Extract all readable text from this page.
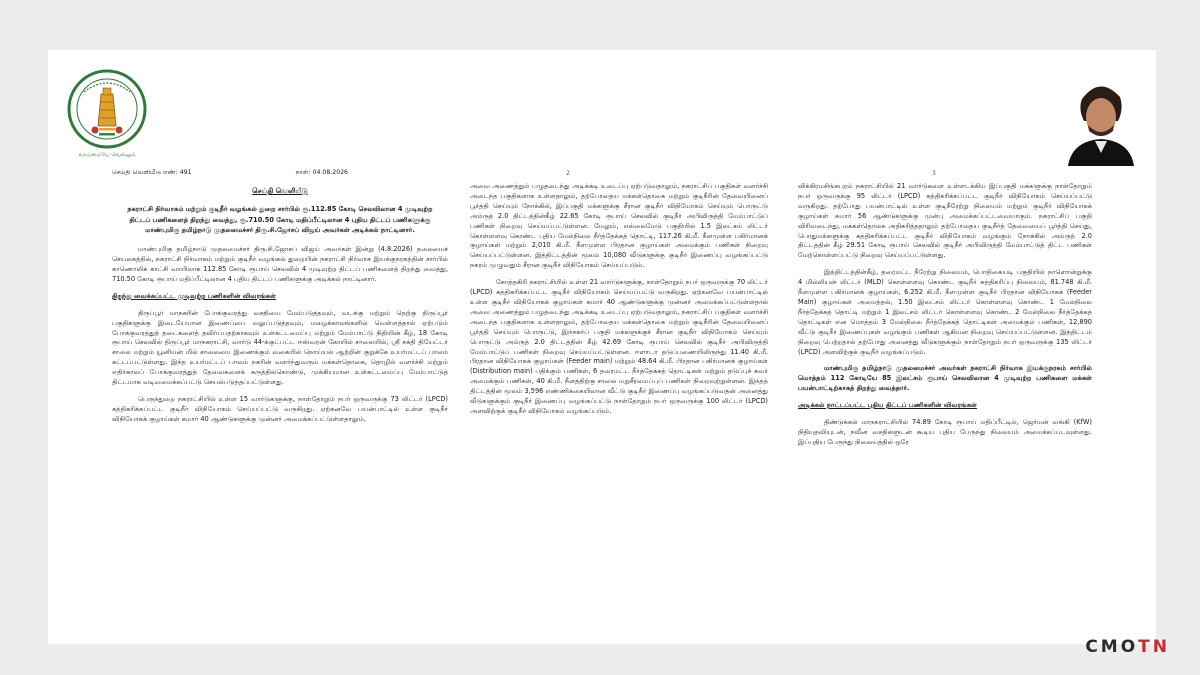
வாய்மையே வெல்லும்
2	3
செய்தி வெளியீடு எண்: 491	நாள்: 04.08.2026
செய்தி வெளியீடு
நகராட்சி நிர்வாகம் மற்றும் குடிநீர் வழங்கல் துறை சார்பில் ரூ.112.85 கோடி செலவிலான 4 முடிவுற்ற திட்டப் பணிகளைத் திறந்து வைத்து, ரூ.710.50 கோடி மதிப்பீட்டிலான 4 புதிய திட்டப் பணிகளுக்கு மாண்புமிகு தமிழ்நாடு முதலமைச்சர் திரு.சி.ஜோசப் விஜய் அவர்கள் அடிக்கல் நாட்டினார்.

மாண்புமிகு தமிழ்நாடு முதலமைச்சர் திரு.சி.ஜோசப் விஜய் அவர்கள் இன்று (4.8.2026) தலைமைச் செயலகத்தில், நகராட்சி நிர்வாகம் மற்றும் குடிநீர் வழங்கல் துறையின் நகராட்சி நிர்வாக இயக்குநரகத்தின் சார்பில் காணொலிக் காட்சி வாயிலாக 112.85 கோடி ரூபாய் செலவில் 4 முடிவுற்ற திட்டப் பணிகளைத் திறந்து வைத்து, 710.50 கோடி ரூபாய் மதிப்பீட்டிலான 4 புதிய திட்டப் பணிகளுக்கு அடிக்கல் நாட்டினார்.

திறந்து வைக்கப்பட்ட முடிவுற்ற பணிகளின் விவரங்கள்

திருப்பூர் மாநகரின் போக்குவரத்து வசதியை மேம்படுத்தவும், வடக்கு மற்றும் தெற்கு திருப்பூர் பகுதிகளுக்கு இடையேயான இணைப்பை வலுப்படுத்தவும், மழைக்காலங்களில் வெள்ளத்தால் ஏற்படும் போக்குவரத்துத் தடைகளைத் தவிர்ப்பதற்காகவும் உள்கட்டமைப்பு மற்றும் மேம்பாட்டு நிதியின் கீழ், 18 கோடி ரூபாய் செலவில் திருப்பூர் மாநகராட்சி, வார்டு 44-க்குட்பட்ட ஈஸ்வரன் கோயில் சாலையில், ஸ்ரீ சக்தி தியேட்டர் சாலை மற்றும் யூனியன் மில் சாலையை இணைக்கும் வகையில் நொய்யல் ஆற்றின் குறுக்கே உயர்மட்டப் பாலம் கட்டப்பட்டுள்ளது. இந்த உயர்மட்டப் பாலம் நகரின் வளர்ந்துவரும் மக்கள்தொகை, தொழில் வளர்ச்சி மற்றும் எதிர்காலப் போக்குவரத்துத் தேவைகளைக் கருத்தில்கொண்டு, முக்கியமான உள்கட்டமைப்பு மேம்பாட்டுத் திட்டமாக வடிவமைக்கப்பட்டு செயல்படுத்தப்பட்டுள்ளது.

பெருந்துறை நகராட்சியில் உள்ள 15 வார்டுகளுக்கு, நாள்தோறும் நபர் ஒருவருக்கு 73 லிட்டர் (LPCD) சுத்திகரிக்கப்பட்ட குடிநீர் விநியோகம் செய்யப்பட்டு வருகிறது. ஏற்கனவே பயன்பாட்டில் உள்ள குடிநீர் விநியோகக் குழாய்கள் சுமார் 40 ஆண்டுகளுக்கு முன்னர் அமைக்கப்பட்டுள்ளதாலும்,

அவை அணைத்தும் பழுதடைந்து அடிக்கடி உடைப்பு ஏற்படுவதாலும், நகராட்சிப் பகுதிகள் வளர்ச்சி அடைந்த பகுதிகளாக உள்ளதாலும், தற்போதைய மக்கள்தொகை மற்றும் குடிநீரின் தேவையினைப் பூர்த்தி செய்யும் நோக்கில், இப்பகுதி மக்களுக்கு சீரான குடிநீர் விநியோகம் செய்யும் பொருட்டு அம்ருத் 2.0 திட்டத்தின்கீழ் 22.65 கோடி ரூபாய் செலவில் குடிநீர் அபிவிருத்தி மேம்பாட்டுப் பணிகள் நிறைவு செய்யப்பட்டுள்ளன. மேலும், எல்லைமேடு பகுதியில் 1.5 இலட்சம் லிட்டர் கொள்ளளவு கொண்ட புதிய மேல்நிலை நீர்த்தேக்கத் தொட்டி, 117.26 கி.மீ. நீளமுள்ள பகிர்மானக் குழாய்கள் மற்றும் 2,010 கி.மீ. நீளமுள்ள பிரதான குழாய்கள் அமைக்கும் பணிகள் நிறைவு செய்யப்பட்டுள்ளன. இத்திட்டத்தின் மூலம் 10,080 வீடுகளுக்கு குடிநீர் இணைப்பு வழங்கப்பட்டு நகரம் முழுவதும் சீரான குடிநீர் விநியோகம் செய்யப்படும்.

கோத்தகிரி நகராட்சியில் உள்ள 21 வார்டுகளுக்கு, நாள்தோறும் நபர் ஒருவருக்கு 70 லிட்டர் (LPCD) சுத்திகரிக்கப்பட்ட குடிநீர் விநியோகம் செய்யப்பட்டு வருகிறது. ஏற்கனவே பயன்பாட்டில் உள்ள குடிநீர் விநியோகக் குழாய்கள் சுமார் 40 ஆண்டுகளுக்கு முன்னர் அமைக்கப்பட்டுள்ளதால் அவை அணைத்தும் பழுதடைந்து அடிக்கடி உடைப்பு ஏற்படுவதாலும், நகராட்சிப் பகுதிகள் வளர்ச்சி அடைந்த பகுதிகளாக உள்ளதாலும், தற்போதைய மக்கள்தொகை மற்றும் குடிநீரின் தேவையினைப் பூர்த்தி செய்யும் பொருட்டு, இந்நகர்ப் பகுதி மக்களுக்குச் சீரான குடிநீர் விநியோகம் செய்யும் பொருட்டு அம்ருத் 2.0 திட்டத்தின் கீழ் 42.69 கோடி ரூபாய் செலவில் குடிநீர் அபிவிருத்தி மேம்பாட்டுப் பணிகள் நிறைவு செய்யப்பட்டுள்ளன. ஈளாடா தடுப்பணையிலிருந்து 11.40 கி.மீ. பிரதான விநியோகக் குழாய்கள் (Feeder main) மற்றும் 48.64 கி.மீ. பிரதான பகிர்மானக் குழாய்கள் (Distribution main) பதிக்கும் பணிகள், 6 தரைமட்ட நீர்த்தேக்கத் தொட்டிகள் மற்றும் தடுப்புச் சுவர் அமைக்கும் பணிகள், 40 கி.மீ. நீளத்திற்கு சாலை மறுசீரமைப்புப் பணிகள் நிறைவுற்றுள்ளன. இந்தத் திட்டத்தின் மூலம் 3,596 எண்ணிக்கையிலான வீட்டு குடிநீர் இணைப்பு வழங்கப்படுவதன் அனைத்து வீடுகளுக்கும் குடிநீர் இணைப்பு வழங்கப்பட்டு நாள்தோறும் நபர் ஒருவருக்கு 100 லிட்டர் (LPCD) அளவிற்குக் குடிநீர் விநியோகம் வழங்கப்படும்.

விக்கிரமசிங்கபுரம் நகராட்சியில் 21 வார்டுகளை உள்ளடக்கிய இப்பகுதி மக்களுக்கு நாள்தோறும் நபர் ஒருவருக்கு 95 லிட்டர் (LPCD) சுத்திகரிக்கப்பட்ட குடிநீர் விநியோகம் செய்யப்பட்டு வருகிறது. தற்போது பயன்பாட்டில் உள்ள குடிநீரேற்று நிலையம் மற்றும் குடிநீர் விநியோகக் குழாய்கள் சுமார் 56 ஆண்டுகளுக்கு முன்பு அமைக்கப்பட்டவையாகும். நகராட்சிப் பகுதி விரிவடைந்து, மக்கள்தொகை அதிகரித்ததாலும் தற்போதைய குடிநீர்த் தேவையைப் பூர்த்தி செய்து, பொதுமக்களுக்கு சுத்திகரிக்கப்பட்ட குடிநீர் விநியோகம் வழங்கும் நோக்கில் அம்ருத் 2.0 திட்டத்தின் கீழ் 29.51 கோடி ரூபாய் செலவில் குடிநீர் அபிவிருத்தி மேம்பாட்டுத் திட்ட பணிகள் மேற்கொள்ளப்பட்டு நிறைவு செய்யப்பட்டுள்ளது.

இத்திட்டத்தின்கீழ், தரைமட்ட நீரேற்று நிலையம், பொதிகையடி பகுதியில் நாளொன்றுக்கு 4 மில்லியன் லிட்டர் (MLD) கொள்ளளவு கொண்ட குடிநீர் சுத்திகரிப்பு நிலையம், 81.748 கி.மீ. நீளமுள்ள பகிர்மானக் குழாய்கள், 6.252 கி.மீ. நீளமுள்ள குடிநீர் பிரதான விநியோகக் (Feeder Main) குழாய்கள் அமைத்தல், 1.50 இலட்சம் லிட்டர் கொள்ளளவு கொண்ட 1 மேல்நிலை நீர்த்தேக்கத் தொட்டி மற்றும் 1 இலட்சம் லிட்டர் கொள்ளளவு கொண்ட 2 மேல்நிலை நீர்த்தேக்கத் தொட்டிகள் என மொத்தம் 3 மேல்நிலை நீர்த்தேக்கத் தொட்டிகள் அமைக்கும் பணிகள், 12,890 வீட்டு குடிநீர் இணைப்புகள் வழங்கும் பணிகள் ஆகியன நிறைவு செய்யப்பட்டுள்ளன. இத்திட்டம் நிறைவு பெற்றதால் தற்போது அனைத்து வீடுகளுக்கும் நாள்தோறும் நபர் ஒருவருக்கு 135 லிட்டர் (LPCD) அளவிற்குக் குடிநீர் வழங்கப்படும்.

மாண்புமிகு தமிழ்நாடு முதலமைச்சர் அவர்கள் நகராட்சி நிர்வாக இயக்குநரகம் சார்பில் மொத்தம் 112 கோடியே 85 இலட்சம் ரூபாய் செலவிலான 4 முடிவுற்ற பணிகளை மக்கள் பயன்பாட்டிற்காகத் திறந்து வைத்தார்.

அடிக்கல் நாட்டப்பட்ட புதிய திட்டப் பணிகளின் விவரங்கள்

திண்டுக்கல் மாநகராட்சியில் 74.89 கோடி ரூபாய் மதிப்பீட்டில், ஜெர்மன் வங்கி (KfW) நிதியுதவியுடன், நவீன வசதிகளுடன் கூடிய புதிய பேருந்து நிலையம் அமைக்கப்படவுள்ளது. இப்புதிய பேருந்து நிலையத்தில் ஒரே

CMOTN
